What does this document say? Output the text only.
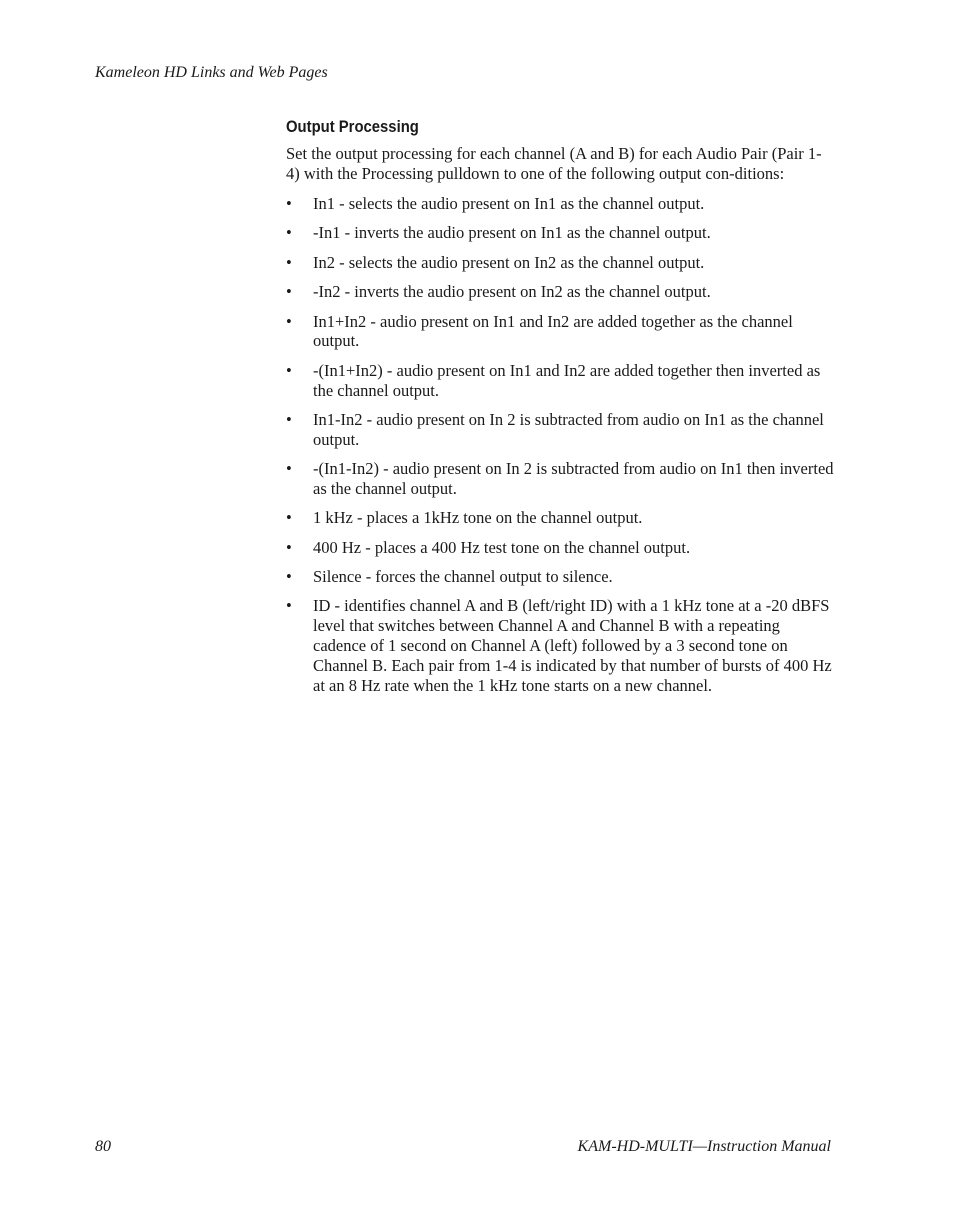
Kameleon HD Links and Web Pages
Output Processing

Set the output processing for each channel (A and B) for each Audio Pair (Pair 1-4) with the Processing pulldown to one of the following output con-ditions:

•	In1 - selects the audio present on In1 as the channel output.
•	-In1 - inverts the audio present on In1 as the channel output.
•	In2 - selects the audio present on In2 as the channel output.
•	-In2 - inverts the audio present on In2 as the channel output.
•	In1+In2 - audio present on In1 and In2 are added together as the channel output.
•	-(In1+In2) - audio present on In1 and In2 are added together then inverted as the channel output.
•	In1-In2 - audio present on In 2 is subtracted from audio on In1 as the channel output.
•	-(In1-In2) - audio present on In 2 is subtracted from audio on In1 then inverted as the channel output.
•	1 kHz - places a 1kHz tone on the channel output.
•	400 Hz - places a 400 Hz test tone on the channel output.
•	Silence - forces the channel output to silence.
•	ID - identifies channel A and B (left/right ID) with a 1 kHz tone at a -20 dBFS level that switches between Channel A and Channel B with a repeating cadence of 1 second on Channel A (left) followed by a 3 second tone on Channel B. Each pair from 1-4 is indicated by that number of bursts of 400 Hz at an 8 Hz rate when the 1 kHz tone starts on a new channel.
80	KAM-HD-MULTI—Instruction Manual
